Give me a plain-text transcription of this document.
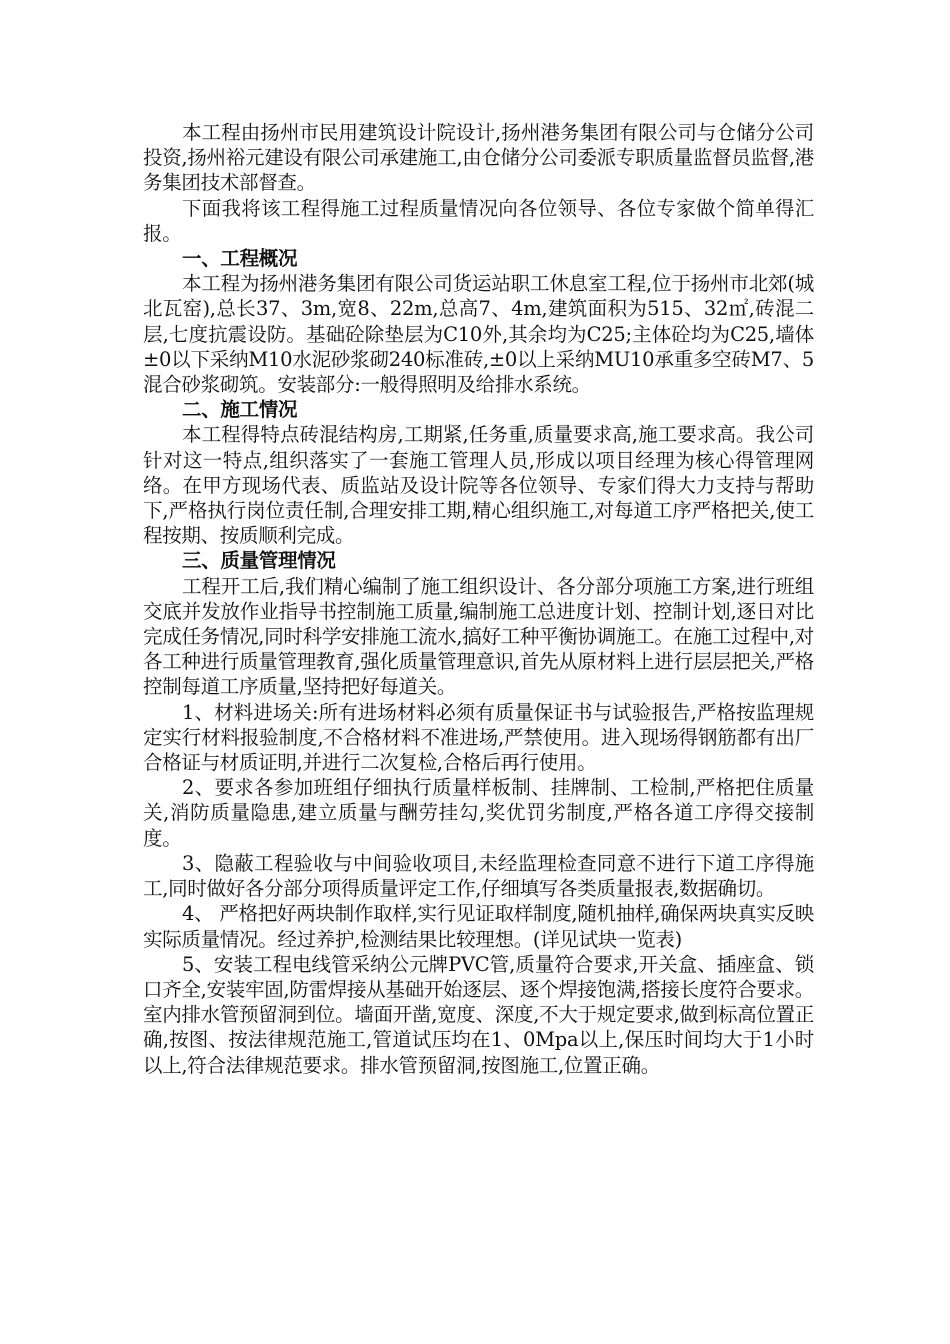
本工程由扬州市民用建筑设计院设计,扬州港务集团有限公司与仓储分公司投资,扬州裕元建设有限公司承建施工,由仓储分公司委派专职质量监督员监督,港务集团技术部督查。

下面我将该工程得施工过程质量情况向各位领导、各位专家做个简单得汇报。

一、工程概况

本工程为扬州港务集团有限公司货运站职工休息室工程,位于扬州市北郊(城北瓦窑),总长37、3m,宽8、22m,总高7、4m,建筑面积为515、32㎡,砖混二层,七度抗震设防。基础砼除垫层为C10外,其余均为C25;主体砼均为C25,墙体±0以下采纳M10水泥砂浆砌240标准砖,±0以上采纳MU10承重多空砖M7、5混合砂浆砌筑。安装部分:一般得照明及给排水系统。

二、施工情况

本工程得特点砖混结构房,工期紧,任务重,质量要求高,施工要求高。我公司针对这一特点,组织落实了一套施工管理人员,形成以项目经理为核心得管理网络。在甲方现场代表、质监站及设计院等各位领导、专家们得大力支持与帮助下,严格执行岗位责任制,合理安排工期,精心组织施工,对每道工序严格把关,使工程按期、按质顺利完成。

三、质量管理情况

工程开工后,我们精心编制了施工组织设计、各分部分项施工方案,进行班组交底并发放作业指导书控制施工质量,编制施工总进度计划、控制计划,逐日对比完成任务情况,同时科学安排施工流水,搞好工种平衡协调施工。在施工过程中,对各工种进行质量管理教育,强化质量管理意识,首先从原材料上进行层层把关,严格控制每道工序质量,坚持把好每道关。

1、材料进场关:所有进场材料必须有质量保证书与试验报告,严格按监理规定实行材料报验制度,不合格材料不准进场,严禁使用。进入现场得钢筋都有出厂合格证与材质证明,并进行二次复检,合格后再行使用。

2、要求各参加班组仔细执行质量样板制、挂牌制、工检制,严格把住质量关,消防质量隐患,建立质量与酬劳挂勾,奖优罚劣制度,严格各道工序得交接制度。

3、隐蔽工程验收与中间验收项目,未经监理检查同意不进行下道工序得施工,同时做好各分部分项得质量评定工作,仔细填写各类质量报表,数据确切。

4、 严格把好两块制作取样,实行见证取样制度,随机抽样,确保两块真实反映实际质量情况。经过养护,检测结果比较理想。(详见试块一览表)

5、安装工程电线管采纳公元牌PVC管,质量符合要求,开关盒、插座盒、锁口齐全,安装牢固,防雷焊接从基础开始逐层、逐个焊接饱满,搭接长度符合要求。室内排水管预留洞到位。墙面开凿,宽度、深度,不大于规定要求,做到标高位置正确,按图、按法律规范施工,管道试压均在1、0Mpa以上,保压时间均大于1小时以上,符合法律规范要求。排水管预留洞,按图施工,位置正确。
